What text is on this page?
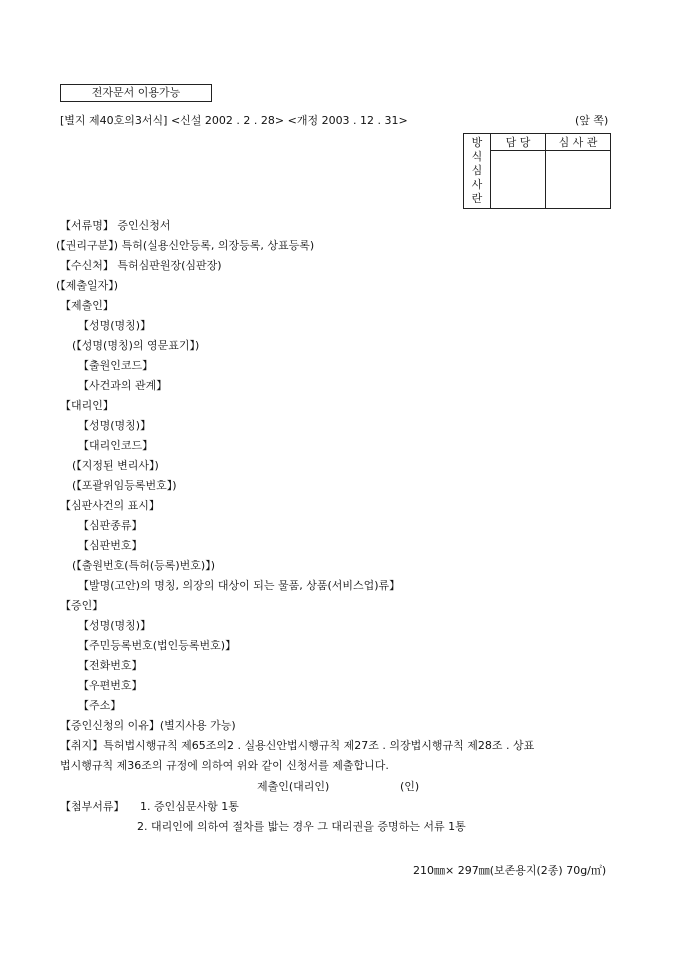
전자문서 이용가능
[별지 제40호의3서식] <신설 2002 . 2 . 28> <개정 2003 . 12 . 31>	(앞 쪽)
방
식
심
사
란	담 당	심 사 관

【서류명】 증인신청서
(【권리구분】) 특허(실용신안등록, 의장등록, 상표등록)
【수신처】 특허심판원장(심판장)
(【제출일자】)
【제출인】
【성명(명칭)】
(【성명(명칭)의 영문표기】)
【출원인코드】
【사건과의 관계】
【대리인】
【성명(명칭)】
【대리인코드】
(【지정된 변리사】)
(【포괄위임등록번호】)
【심판사건의 표시】
【심판종류】
【심판번호】
(【출원번호(특허(등록)번호)】)
【발명(고안)의 명칭, 의장의 대상이 되는 물품, 상품(서비스업)류】
【증인】
【성명(명칭)】
【주민등록번호(법인등록번호)】
【전화번호】
【우편번호】
【주소】
【증인신청의 이유】(별지사용 가능)
【취지】특허법시행규칙 제65조의2 . 실용신안법시행규칙 제27조 . 의장법시행규칙 제28조 . 상표
법시행규칙 제36조의 규정에 의하여 위와 같이 신청서를 제출합니다.
제출인(대리인)	(인)
【첨부서류】 1. 증인심문사항 1통
2. 대리인에 의하여 절차를 밟는 경우 그 대리권을 증명하는 서류 1통
210㎜× 297㎜(보존용지(2종) 70g/㎡)
